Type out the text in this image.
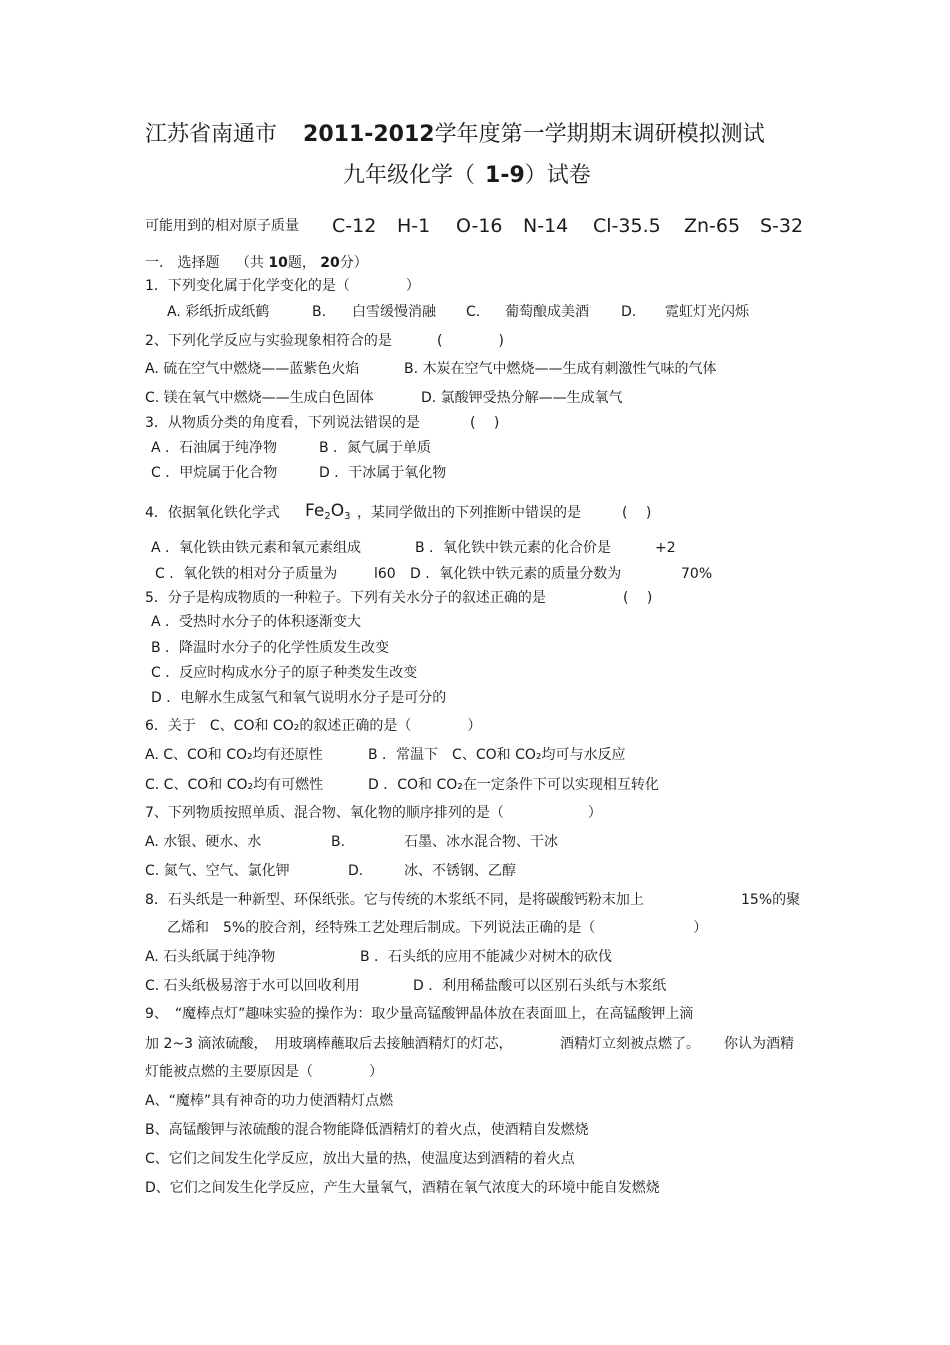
江苏省南通市 2011-2012学年度第一学期期末调研模拟测试
九年级化学（ 1-9）试卷
可能用到的相对原子质量 C-12 H-1 O-16 N-14 Cl-35.5 Zn-65 S-32
一． 选择题 （共 10题， 20分）
1．下列变化属于化学变化的是（　　　　）
A. 彩纸折成纸鹤	B. 白雪缓慢消融 C. 葡萄酿成美酒 D. 霓虹灯光闪烁
2、下列化学反应与实验现象相符合的是	(　　　　)
A. 硫在空气中燃烧——蓝紫色火焰	B. 木炭在空气中燃烧——生成有刺激性气味的气体
C. 镁在氧气中燃烧——生成白色固体	D. 氯酸钾受热分解——生成氧气
3．从物质分类的角度看，下列说法错误的是	(　 )
A ．石油属于纯净物	B ．氮气属于单质
C ．甲烷属于化合物	D ．干冰属于氧化物
4．依据氧化铁化学式 $Fe_2O_3$ ，某同学做出的下列推断中错误的是	(　 )
A ．氧化铁由铁元素和氧元素组成	B ．氧化铁中铁元素的化合价是	+2
C ．氧化铁的相对分子质量为	l60 D ．氧化铁中铁元素的质量分数为	70%
5．分子是构成物质的一种粒子。下列有关水分子的叙述正确的是	(　 )
A ．受热时水分子的体积逐渐变大
B ．降温时水分子的化学性质发生改变
C ．反应时构成水分子的原子种类发生改变
D ．电解水生成氢气和氧气说明水分子是可分的
6．关于　C、CO和 CO₂的叙述正确的是（　　　　）
A. C、CO和 CO₂均有还原性	B ．常温下　C、CO和 CO₂均可与水反应
C. C、CO和 CO₂均有可燃性	D ．CO和 CO₂在一定条件下可以实现相互转化
7、下列物质按照单质、混合物、氧化物的顺序排列的是（　　　　　　）
A. 水银、硬水、水	B.	石墨、冰水混合物、干冰
C. 氮气、空气、氯化钾	D.	冰、不锈钢、乙醇
8．石头纸是一种新型、环保纸张。它与传统的木浆纸不同，是将碳酸钙粉末加上	15%的聚
乙烯和　5%的胶合剂，经特殊工艺处理后制成。下列说法正确的是（　　　　　　　）
A. 石头纸属于纯净物	B ．石头纸的应用不能减少对树木的砍伐
C. 石头纸极易溶于水可以回收利用	D ．利用稀盐酸可以区别石头纸与木浆纸
9、　“魔棒点灯”趣味实验的操作为：取少量高锰酸钾晶体放在表面皿上，在高锰酸钾上滴
加 2~3 滴浓硫酸，　用玻璃棒蘸取后去接触酒精灯的灯芯，	酒精灯立刻被点燃了。 你认为酒精
灯能被点燃的主要原因是（　　　　）
A、“魔棒”具有神奇的功力使酒精灯点燃
B、高锰酸钾与浓硫酸的混合物能降低酒精灯的着火点，使酒精自发燃烧
C、它们之间发生化学反应，放出大量的热，使温度达到酒精的着火点
D、它们之间发生化学反应，产生大量氧气，酒精在氧气浓度大的环境中能自发燃烧
